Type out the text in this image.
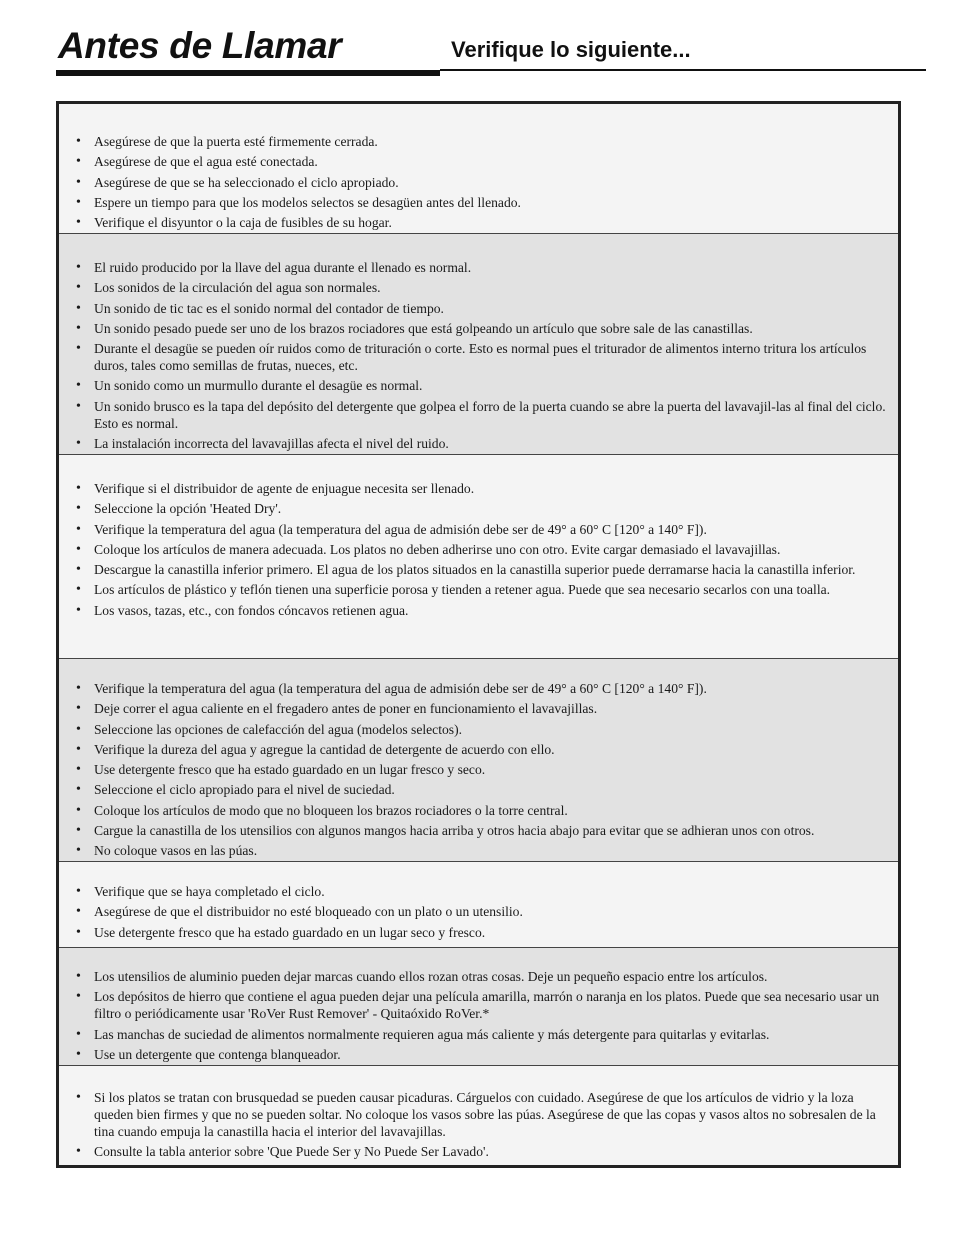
Antes de Llamar	Verifique lo siguiente...
• Asegúrese de que la puerta esté firmemente cerrada.
• Asegúrese de que el agua esté conectada.
• Asegúrese de que se ha seleccionado el ciclo apropiado.
• Espere un tiempo para que los modelos selectos se desagüen antes del llenado.
• Verifique el disyuntor o la caja de fusibles de su hogar.
• El ruido producido por la llave del agua durante el llenado es normal.
• Los sonidos de la circulación del agua son normales.
• Un sonido de tic tac es el sonido normal del contador de tiempo.
• Un sonido pesado puede ser uno de los brazos rociadores que está golpeando un artículo que sobre sale de las canastillas.
• Durante el desagüe se pueden oír ruidos como de trituración o corte. Esto es normal pues el triturador de alimentos interno tritura los artículos duros, tales como semillas de frutas, nueces, etc.
• Un sonido como un murmullo durante el desagüe es normal.
• Un sonido brusco es la tapa del depósito del detergente que golpea el forro de la puerta cuando se abre la puerta del lavavajil-las al final del ciclo. Esto es normal.
• La instalación incorrecta del lavavajillas afecta el nivel del ruido.
• Verifique si el distribuidor de agente de enjuague necesita ser llenado.
• Seleccione la opción 'Heated Dry'.
• Verifique la temperatura del agua (la temperatura del agua de admisión debe ser de 49° a 60° C [120° a 140° F]).
• Coloque los artículos de manera adecuada. Los platos no deben adherirse uno con otro. Evite cargar demasiado el lavavajillas.
• Descargue la canastilla inferior primero. El agua de los platos situados en la canastilla superior puede derramarse hacia la canastilla inferior.
• Los artículos de plástico y teflón tienen una superficie porosa y tienden a retener agua. Puede que sea necesario secarlos con una toalla.
• Los vasos, tazas, etc., con fondos cóncavos retienen agua.
• Verifique la temperatura del agua (la temperatura del agua de admisión debe ser de 49° a 60° C [120° a 140° F]).
• Deje correr el agua caliente en el fregadero antes de poner en funcionamiento el lavavajillas.
• Seleccione las opciones de calefacción del agua (modelos selectos).
• Verifique la dureza del agua y agregue la cantidad de detergente de acuerdo con ello.
• Use detergente fresco que ha estado guardado en un lugar fresco y seco.
• Seleccione el ciclo apropiado para el nivel de suciedad.
• Coloque los artículos de modo que no bloqueen los brazos rociadores o la torre central.
• Cargue la canastilla de los utensilios con algunos mangos hacia arriba y otros hacia abajo para evitar que se adhieran unos con otros.
• No coloque vasos en las púas.
• Verifique que se haya completado el ciclo.
• Asegúrese de que el distribuidor no esté bloqueado con un plato o un utensilio.
• Use detergente fresco que ha estado guardado en un lugar seco y fresco.
• Los utensilios de aluminio pueden dejar marcas cuando ellos rozan otras cosas. Deje un pequeño espacio entre los artículos.
• Los depósitos de hierro que contiene el agua pueden dejar una película amarilla, marrón o naranja en los platos. Puede que sea necesario usar un filtro o periódicamente usar 'RoVer Rust Remover' - Quitaóxido RoVer.*
• Las manchas de suciedad de alimentos normalmente requieren agua más caliente y más detergente para quitarlas y evitarlas.
• Use un detergente que contenga blanqueador.
• Si los platos se tratan con brusquedad se pueden causar picaduras. Cárguelos con cuidado. Asegúrese de que los artículos de vidrio y la loza queden bien firmes y que no se pueden soltar. No coloque los vasos sobre las púas. Asegúrese de que las copas y vasos altos no sobresalen de la tina cuando empuja la canastilla hacia el interior del lavavajillas.
• Consulte la tabla anterior sobre 'Que Puede Ser y No Puede Ser Lavado'.
